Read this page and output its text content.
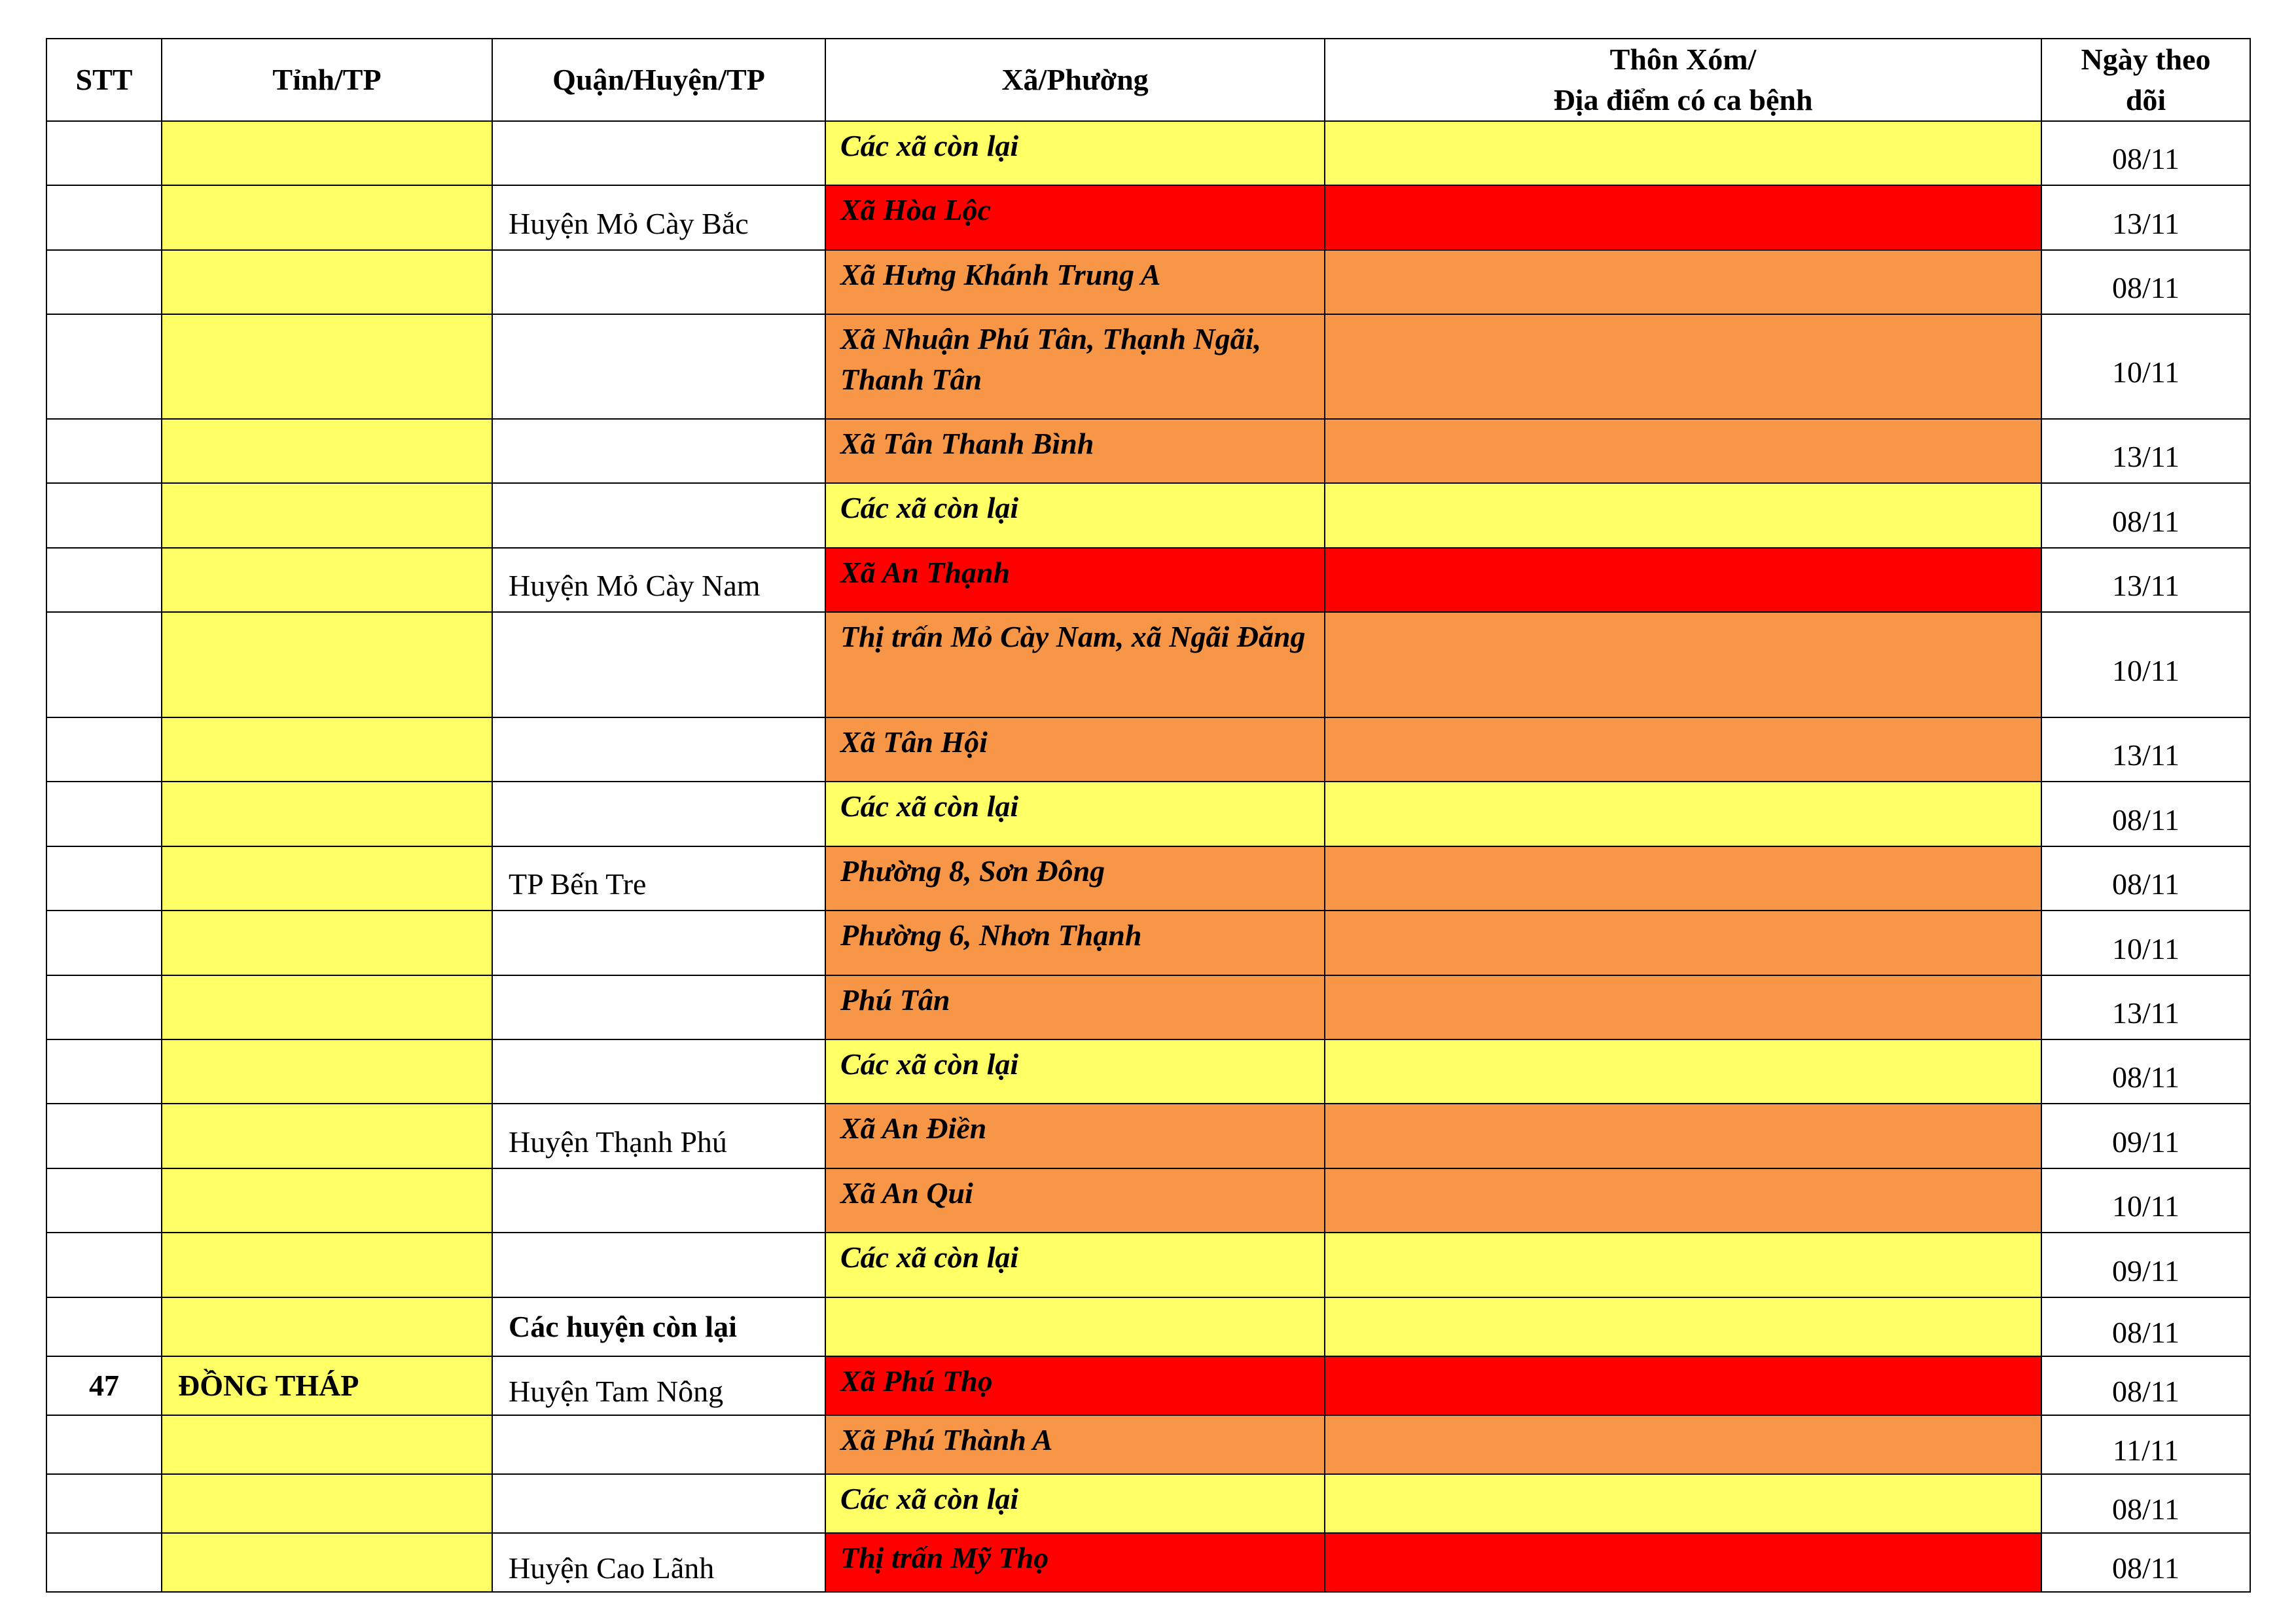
STT	Tỉnh/TP	Quận/Huyện/TP	Xã/Phường	Thôn Xóm/
Địa điểm có ca bệnh	Ngày theo
dõi
			Các xã còn lại		08/11
		Huyện Mỏ Cày Bắc	Xã Hòa Lộc		13/11
			Xã Hưng Khánh Trung A		08/11
			Xã Nhuận Phú Tân, Thạnh Ngãi, Thanh Tân		10/11
			Xã Tân Thanh Bình		13/11
			Các xã còn lại		08/11
		Huyện Mỏ Cày Nam	Xã An Thạnh		13/11
			Thị trấn Mỏ Cày Nam, xã Ngãi Đăng		10/11
			Xã Tân Hội		13/11
			Các xã còn lại		08/11
		TP Bến Tre	Phường 8, Sơn Đông		08/11
			Phường 6, Nhơn Thạnh		10/11
			Phú Tân		13/11
			Các xã còn lại		08/11
		Huyện Thạnh Phú	Xã An Điền		09/11
			Xã An Qui		10/11
			Các xã còn lại		09/11
		Các huyện còn lại			08/11
47	ĐỒNG THÁP	Huyện Tam Nông	Xã Phú Thọ		08/11
			Xã Phú Thành A		11/11
			Các xã còn lại		08/11
		Huyện Cao Lãnh	Thị trấn Mỹ Thọ		08/11
